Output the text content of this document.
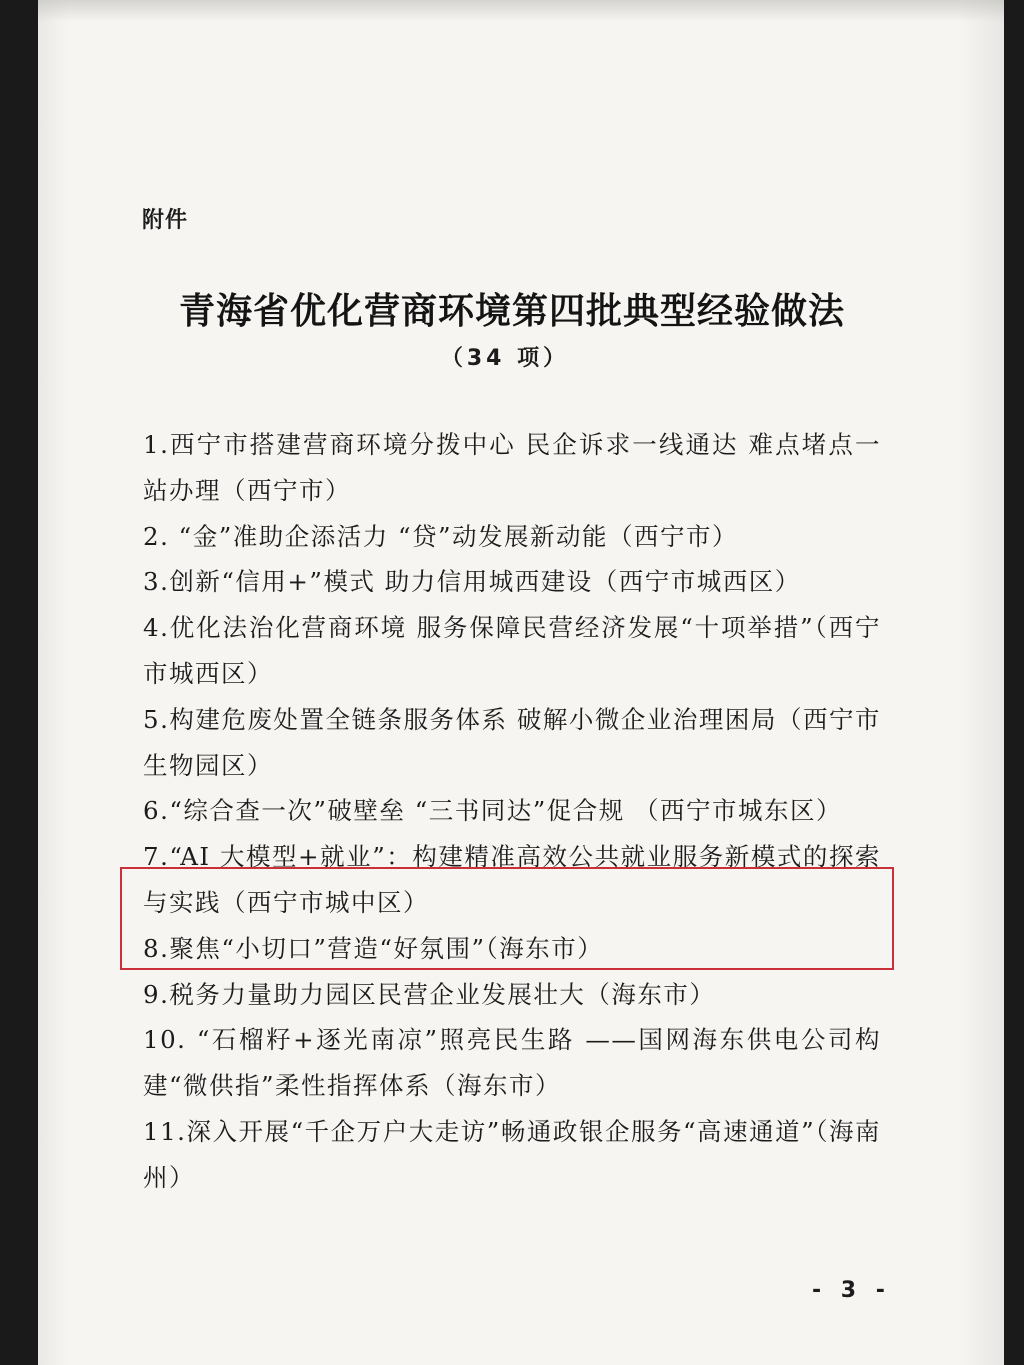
附件
青海省优化营商环境第四批典型经验做法
（34 项）
1.西宁市搭建营商环境分拨中心 民企诉求一线通达 难点堵点一站办理（西宁市）
2. “金”准助企添活力 “贷”动发展新动能（西宁市）
3.创新“信用+”模式 助力信用城西建设（西宁市城西区）
4.优化法治化营商环境 服务保障民营经济发展“十项举措”（西宁市城西区）
5.构建危废处置全链条服务体系 破解小微企业治理困局（西宁市生物园区）
6.“综合查一次”破壁垒 “三书同达”促合规 （西宁市城东区）
7.“AI 大模型+就业”：构建精准高效公共就业服务新模式的探索与实践（西宁市城中区）
8.聚焦“小切口”营造“好氛围”（海东市）
9.税务力量助力园区民营企业发展壮大（海东市）
10. “石榴籽+逐光南凉”照亮民生路 ——国网海东供电公司构建“微供指”柔性指挥体系（海东市）
11.深入开展“千企万户大走访”畅通政银企服务“高速通道”（海南州）
- 3 -
